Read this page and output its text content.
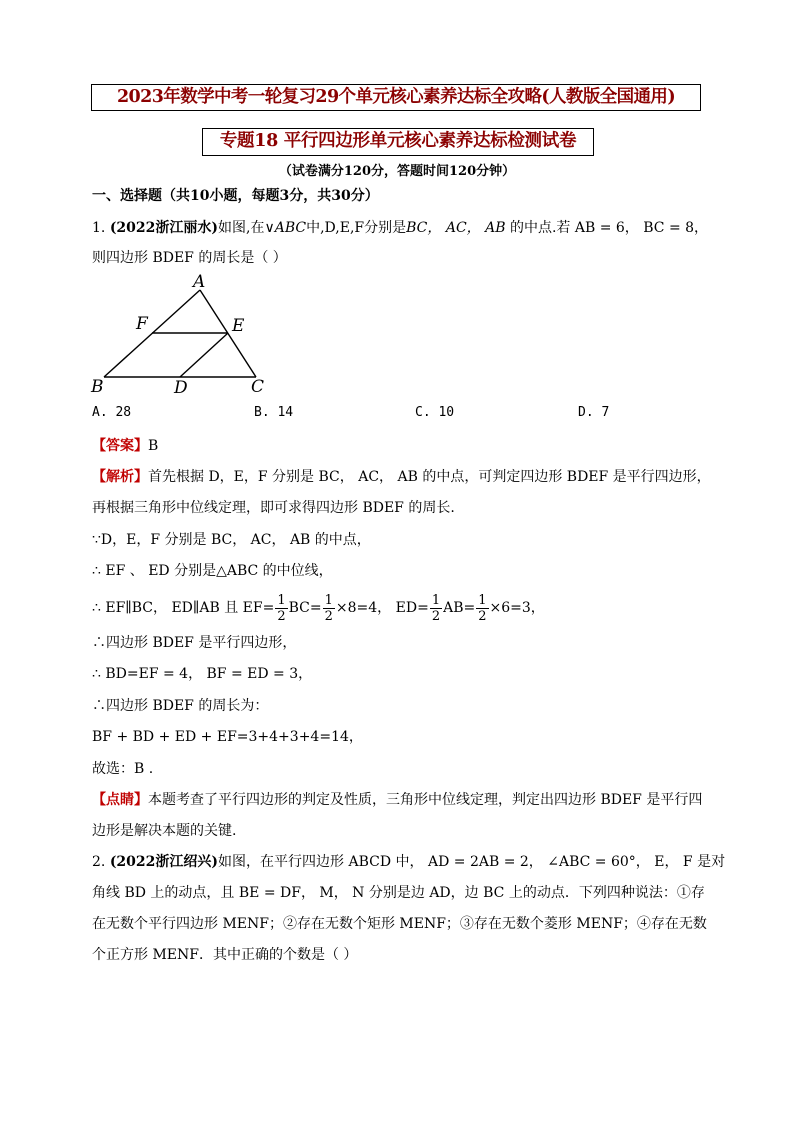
2023年数学中考一轮复习29个单元核心素养达标全攻略(人教版全国通用)
专题18 平行四边形单元核心素养达标检测试卷
（试卷满分120分，答题时间120分钟）
一、选择题（共10小题，每题3分，共30分）
1. (2022浙江丽水)如图,在∨ABC中,D,E,F分别是BC， AC， AB 的中点.若 AB = 6， BC = 8，
则四边形 BDEF 的周长是（ ）
A
F	E
B	D	C
A. 28	B. 14	C. 10	D. 7
【答案】B
【解析】首先根据 D，E，F 分别是 BC， AC， AB 的中点，可判定四边形 BDEF 是平行四边形，
再根据三角形中位线定理，即可求得四边形 BDEF 的周长.
∵D，E，F 分别是 BC， AC， AB 的中点，
∴ EF 、 ED 分别是△ABC 的中位线，
∴ EF∥BC， ED∥AB 且 $EF= \frac{1}{2} BC= \frac{1}{2} \times 8=4$， $ED= \frac{1}{2} AB= \frac{1}{2} \times 6=3$，
∴四边形 BDEF 是平行四边形，
∴ BD=EF = 4， BF = ED = 3，
∴四边形 BDEF 的周长为：
BF + BD + ED + EF=3+4+3+4=14，
故选：B .
【点睛】本题考查了平行四边形的判定及性质，三角形中位线定理，判定出四边形 BDEF 是平行四
边形是解决本题的关键.
2. (2022浙江绍兴)如图，在平行四边形 ABCD 中， AD = 2AB = 2， ∠ABC = 60°， E， F 是对
角线 BD 上的动点，且 BE = DF， M， N 分别是边 AD，边 BC 上的动点．下列四种说法：①存
在无数个平行四边形 MENF；②存在无数个矩形 MENF；③存在无数个菱形 MENF；④存在无数
个正方形 MENF．其中正确的个数是（ ）
